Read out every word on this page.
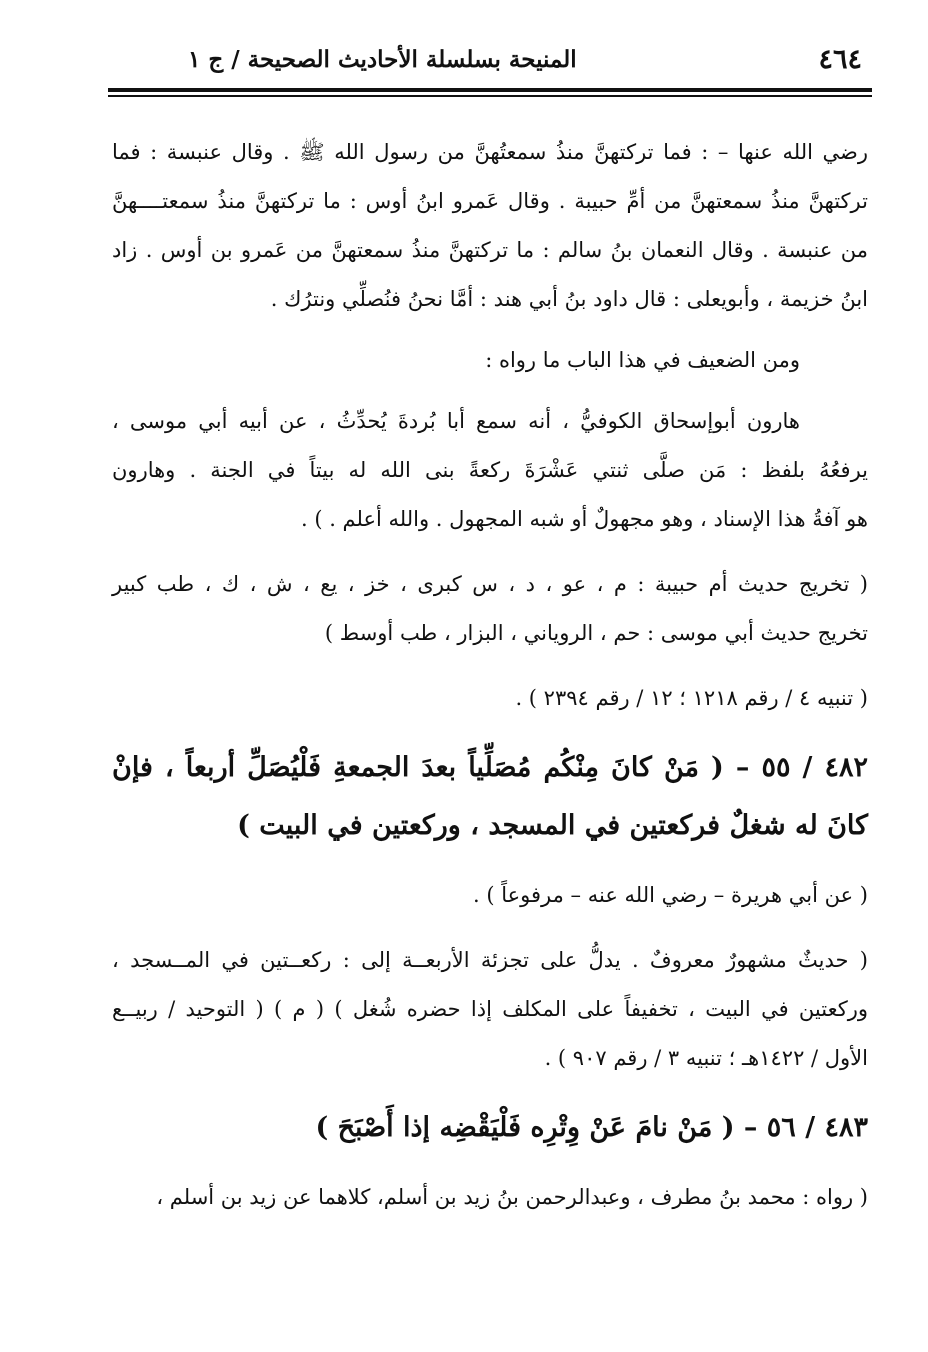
٤٦٤
المنيحة بسلسلة الأحاديث الصحيحة / ج ١
رضي الله عنها – : فما تركتهنَّ منذُ سمعتُهنَّ من رسول الله ﷺ . وقال عنبسة : فما
تركتهنَّ منذُ سمعتهنَّ من أمِّ حبيبة . وقال عَمرو ابنُ أوس : ما تركتهنَّ منذُ سمعتــــهنَّ
من عنبسة . وقال النعمان بنُ سالم : ما تركتهنَّ منذُ سمعتهنَّ من عَمرو بن أوس . زاد
ابنُ خزيمة ، وأبويعلى : قال داود بنُ أبي هند : أمَّا نحنُ فنُصلِّي ونترُك .
ومن الضعيف في هذا الباب ما رواه :
هارون أبوإسحاق الكوفيُّ ، أنه سمع أبا بُردةَ يُحدِّثُ ، عن أبيه أبي موسى ،
يرفعُهُ بلفظ : مَن صلَّى ثنتي عَشْرَةَ ركعةً بنى الله له بيتاً في الجنة . وهارون
هو آفةُ هذا الإسناد ، وهو مجهولٌ أو شبه المجهول . والله أعلم . ) .
( تخريج حديث أم حبيبة : م ، عو ، د ، س كبرى ، خز ، يع ، ش ، ك ، طب كبير
تخريج حديث أبي موسى : حم ، الروياني ، البزار ، طب أوسط )
( تنبيه ٤ / رقم ١٢١٨ ؛ ١٢ / رقم ٢٣٩٤ ) .
٤٨٢ / ٥٥ – ( مَنْ كانَ مِنْكُم مُصَلِّياً بعدَ الجمعةِ فَلْيُصَلِّ أربعاً ، فإنْ
كانَ له شغلٌ فركعتين في المسجد ، وركعتين في البيت )
( عن أبي هريرة – رضي الله عنه – مرفوعاً ) .
( حديثٌ مشهورٌ معروفٌ . يدلُّ على تجزئة الأربعــة إلى : ركعــتين في المــسجد ،
وركعتين في البيت ، تخفيفاً على المكلف إذا حضره شُغل ) ( م ) ( التوحيد / ربيــع
الأول / ١٤٢٢هـ ؛ تنبيه ٣ / رقم ٩٠٧ ) .
٤٨٣ / ٥٦ – ( مَنْ نامَ عَنْ وِتْرِه فَلْيَقْضِه إذا أَصْبَحَ )
( رواه : محمد بنُ مطرف ، وعبدالرحمن بنُ زيد بن أسلم، كلاهما عن زيد بن أسلم ،
